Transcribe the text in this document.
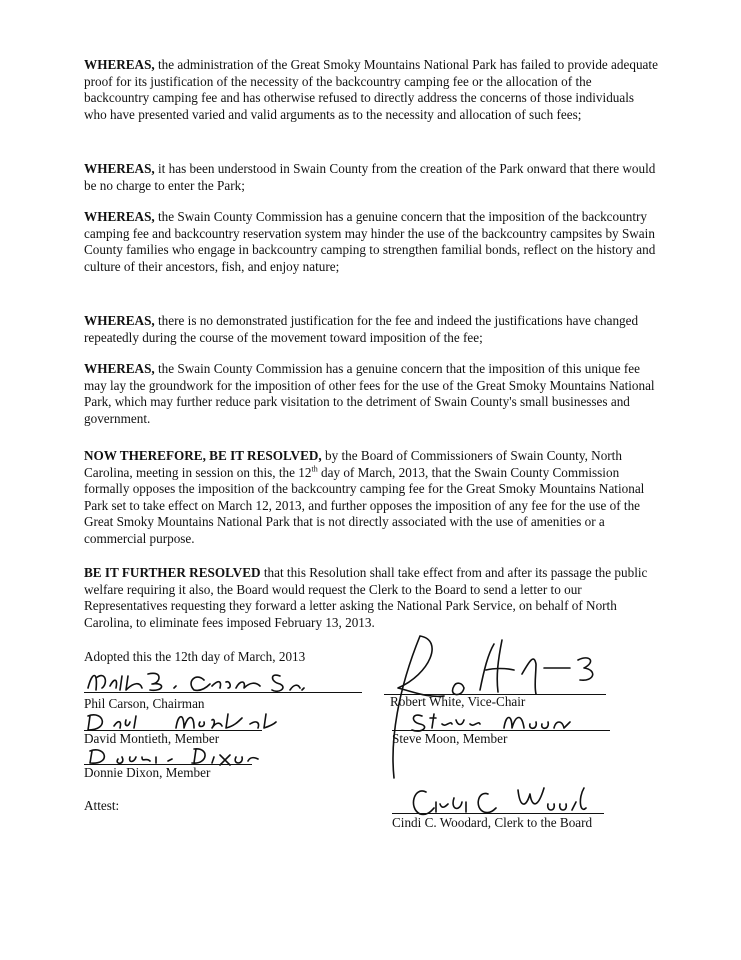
WHEREAS, the administration of the Great Smoky Mountains National Park has failed to provide adequate proof for its justification of the necessity of the backcountry camping fee or the allocation of the backcountry camping fee and has otherwise refused to directly address the concerns of those individuals who have presented varied and valid arguments as to the necessity and allocation of such fees;

WHEREAS, it has been understood in Swain County from the creation of the Park onward that there would be no charge to enter the Park;

WHEREAS, the Swain County Commission has a genuine concern that the imposition of the backcountry camping fee and backcountry reservation system may hinder the use of the backcountry campsites by Swain County families who engage in backcountry camping to strengthen familial bonds, reflect on the history and culture of their ancestors, fish, and enjoy nature;

WHEREAS, there is no demonstrated justification for the fee and indeed the justifications have changed repeatedly during the course of the movement toward imposition of the fee;

WHEREAS, the Swain County Commission has a genuine concern that the imposition of this unique fee may lay the groundwork for the imposition of other fees for the use of the Great Smoky Mountains National Park, which may further reduce park visitation to the detriment of Swain County's small businesses and government.

NOW THEREFORE, BE IT RESOLVED, by the Board of Commissioners of Swain County, North Carolina, meeting in session on this, the 12th day of March, 2013, that the Swain County Commission formally opposes the imposition of the backcountry camping fee for the Great Smoky Mountains National Park set to take effect on March 12, 2013, and further opposes the imposition of any fee for the use of the Great Smoky Mountains National Park that is not directly associated with the use of amenities or a commercial purpose.

BE IT FURTHER RESOLVED that this Resolution shall take effect from and after its passage the public welfare requiring it also, the Board would request the Clerk to the Board to send a letter to our Representatives requesting they forward a letter asking the National Park Service, on behalf of North Carolina, to eliminate fees imposed February 13, 2013.

Adopted this the 12th day of March, 2013
Phil Carson, Chairman
David Montieth, Member
Donnie Dixon, Member
Attest:
Robert White, Vice-Chair
Steve Moon, Member
Cindi C. Woodard, Clerk to the Board
